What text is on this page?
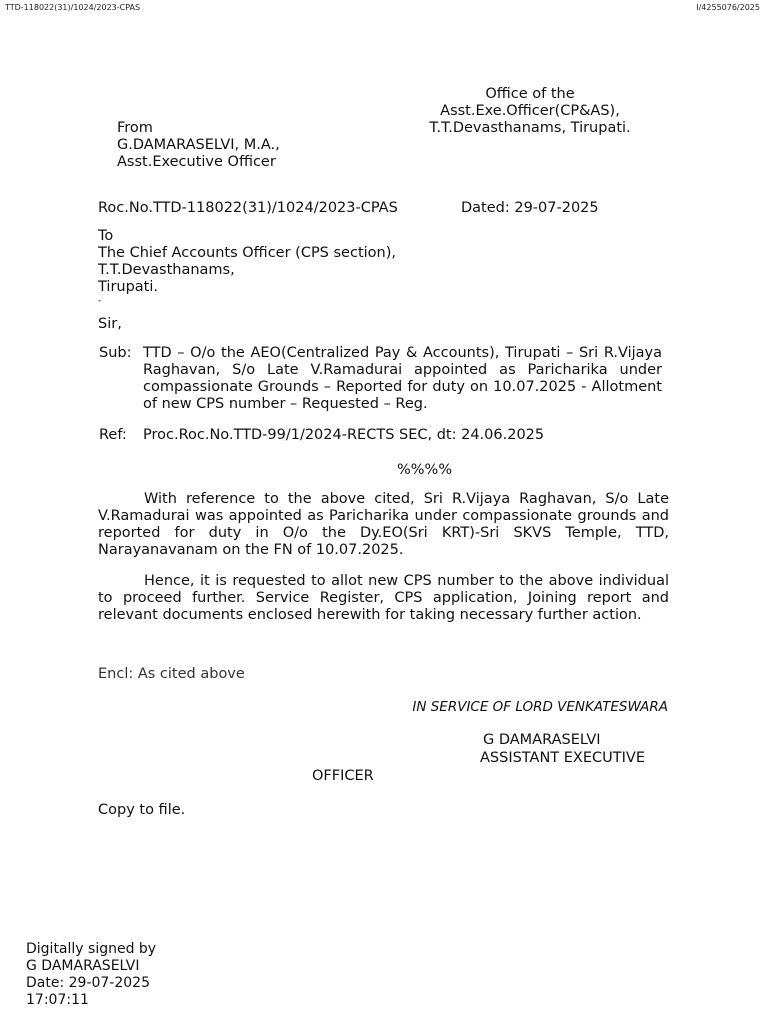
TTD-118022(31)/1024/2023-CPAS	I/4255076/2025
Office of the
Asst.Exe.Officer(CP&AS),
T.T.Devasthanams, Tirupati.
From
G.DAMARASELVI, M.A.,
Asst.Executive Officer
Roc.No.TTD-118022(31)/1024/2023-CPAS	Dated: 29-07-2025
To
The Chief Accounts Officer (CPS section),
T.T.Devasthanams,
Tirupati.
-
Sir,
Sub: TTD – O/o the AEO(Centralized Pay & Accounts), Tirupati – Sri R.Vijaya Raghavan, S/o Late V.Ramadurai appointed as Paricharika under compassionate Grounds – Reported for duty on 10.07.2025 - Allotment of new CPS number – Requested – Reg.
Ref: Proc.Roc.No.TTD-99/1/2024-RECTS SEC, dt: 24.06.2025
%%%%
With reference to the above cited, Sri R.Vijaya Raghavan, S/o Late V.Ramadurai was appointed as Paricharika under compassionate grounds and reported for duty in O/o the Dy.EO(Sri KRT)-Sri SKVS Temple, TTD, Narayanavanam on the FN of 10.07.2025.
Hence, it is requested to allot new CPS number to the above individual to proceed further. Service Register, CPS application, Joining report and relevant documents enclosed herewith for taking necessary further action.
Encl: As cited above
IN SERVICE OF LORD VENKATESWARA
G DAMARASELVI
ASSISTANT EXECUTIVE
OFFICER
Copy to file.
Digitally signed by
G DAMARASELVI
Date: 29-07-2025
17:07:11
